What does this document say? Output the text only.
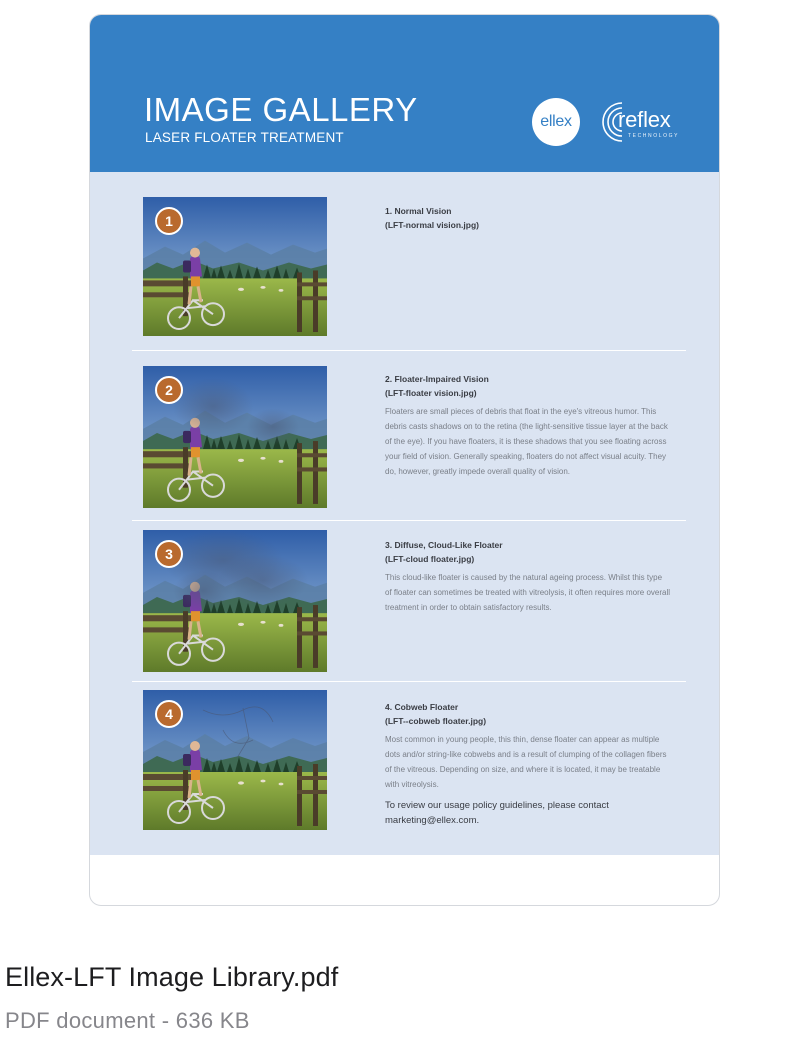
IMAGE GALLERY
LASER FLOATER TREATMENT
ellex reflex
TECHNOLOGY
1
1. Normal Vision
(LFT-normal vision.jpg)
2
2. Floater-Impaired Vision
(LFT-floater vision.jpg)
Floaters are small pieces of debris that float in the eye's vitreous humor. This debris casts shadows on to the retina (the light-sensitive tissue layer at the back of the eye). If you have floaters, it is these shadows that you see floating across your field of vision. Generally speaking, floaters do not affect visual acuity. They do, however, greatly impede overall quality of vision.
3
3. Diffuse, Cloud-Like Floater
(LFT-cloud floater.jpg)
This cloud-like floater is caused by the natural ageing process. Whilst this type of floater can sometimes be treated with vitreolysis, it often requires more overall treatment in order to obtain satisfactory results.
4	4. Cobweb Floater
(LFT--cobweb floater.jpg)
Most common in young people, this thin, dense floater can appear as multiple dots and/or string-like cobwebs and is a result of clumping of the collagen fibers of the vitreous. Depending on size, and where it is located, it may be treatable with vitreolysis.
To review our usage policy guidelines, please contact marketing@ellex.com.
Ellex-LFT Image Library.pdf
PDF document - 636 KB
